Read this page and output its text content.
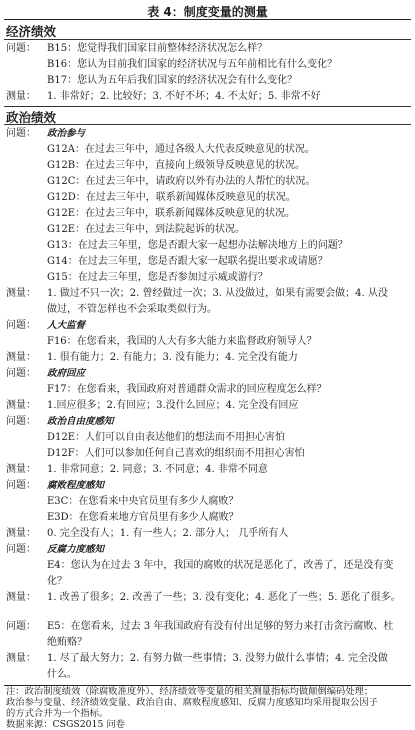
表 4：制度变量的测量
经济绩效
问题： B15：您觉得我们国家目前整体经济状况怎么样？
B16：您认为目前我们国家的经济状况与五年前相比有什么变化？
B17：您认为五年后我们国家的经济状况会有什么变化？
测量： 1. 非常好；2. 比较好；3. 不好不坏；4. 不太好；5. 非常不好
政治绩效
问题： 政治参与
G12A：在过去三年中，通过各级人大代表反映意见的状况。
G12B：在过去三年中，直接向上级领导反映意见的状况。
G12C：在过去三年中，请政府以外有办法的人帮忙的状况。
G12D：在过去三年中，联系新闻媒体反映意见的状况。
G12E：在过去三年中，联系新闻媒体反映意见的状况。
G12E：在过去三年中，到法院起诉的状况。
G13：在过去三年里，您是否跟大家一起想办法解决地方上的问题？
G14：在过去三年里，您是否跟大家一起联名提出要求或请愿？
G15：在过去三年里，您是否参加过示威或游行？
测量： 1. 做过不只一次；2. 曾经做过一次；3. 从没做过，如果有需要会做；4. 从没
做过，不管怎样也不会采取类似行为。
问题： 人大监督
F16：在您看来，我国的人大有多大能力来监督政府领导人？
测量： 1. 很有能力；2. 有能力；3. 没有能力；4. 完全没有能力
问题： 政府回应
F17：在您看来，我国政府对普通群众需求的回应程度怎么样？
测量： 1.回应很多；2.有回应；3.没什么回应；4. 完全没有回应
问题： 政治自由度感知
D12E：人们可以自由表达他们的想法而不用担心害怕
D12F：人们可以参加任何自己喜欢的组织而不用担心害怕
测量： 1. 非常同意；2. 同意；3. 不同意；4. 非常不同意
问题： 腐败程度感知
E3C：在您看来中央官员里有多少人腐败？
E3D：在您看来地方官员里有多少人腐败？
测量： 0. 完全没有人；1. 有一些人；2. 部分人； 几乎所有人
问题： 反腐力度感知
E4：您认为在过去 3 年中，我国的腐败的状况是恶化了，改善了，还是没有变
化？
测量： 1. 改善了很多；2. 改善了一些；3. 没有变化；4. 恶化了一些；5. 恶化了很多。
问题： E5：在您看来，过去 3 年我国政府有没有付出足够的努力来打击贪污腐败、杜
绝贿赂？
测量： 1. 尽了最大努力；2. 有努力做一些事情；3. 没努力做什么事情；4. 完全没做
什么。
注：政治制度绩效（除腐败准度外）、经济绩效等变量的相关测量指标均做颠倒编码处理；
政治参与变量、经济绩效变量、政治自由、腐败程度感知、反腐力度感知均采用提取公因子
的方式合并为一个指标。
数据来源：CSGS2015 问卷
